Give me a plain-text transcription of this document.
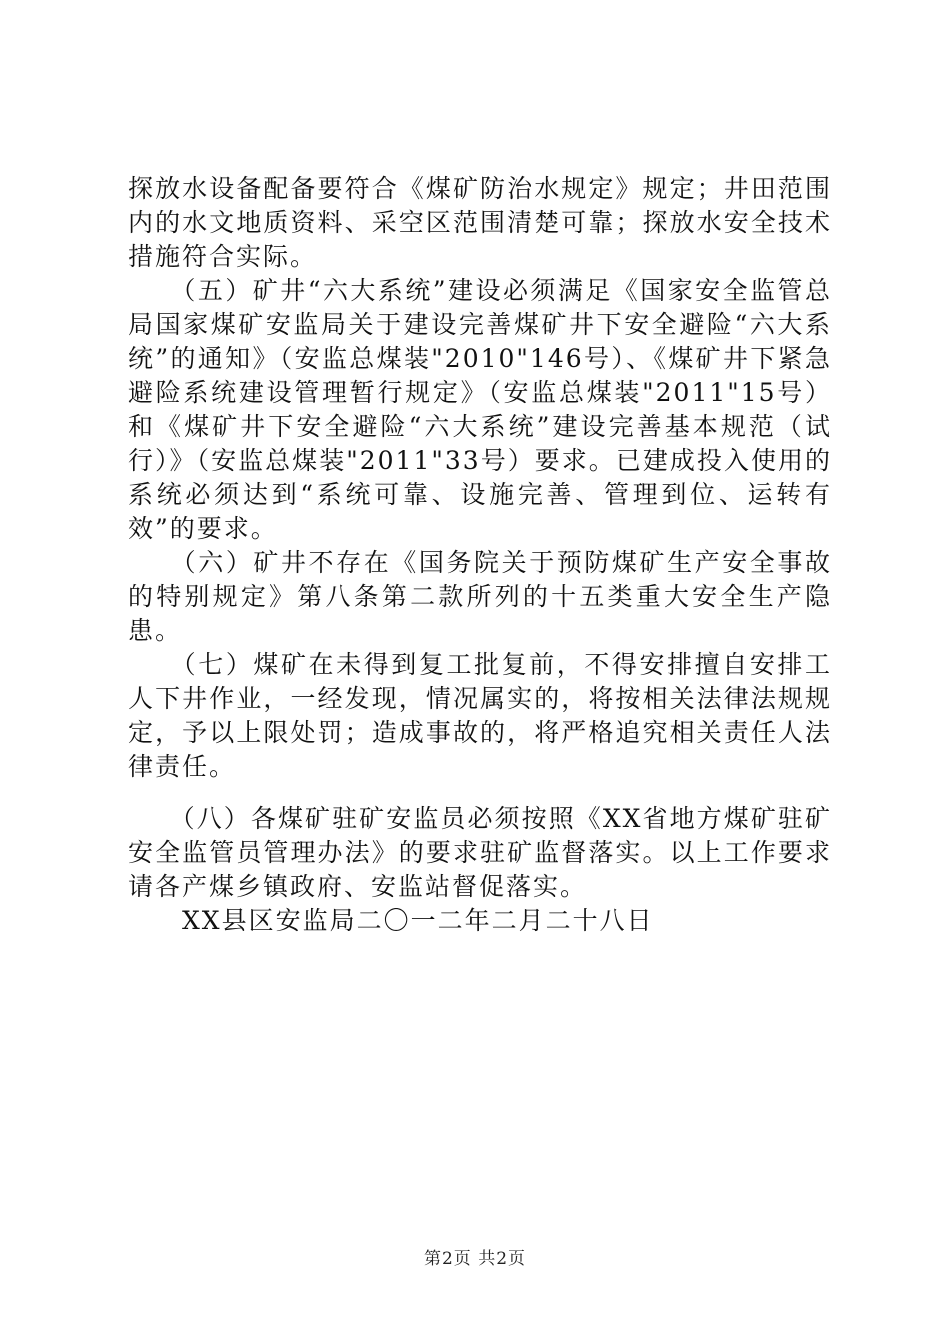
探放水设备配备要符合《煤矿防治水规定》规定；井田范围内的水文地质资料、采空区范围清楚可靠；探放水安全技术措施符合实际。

　　（五）矿井“六大系统”建设必须满足《国家安全监管总局国家煤矿安监局关于建设完善煤矿井下安全避险“六大系统”的通知》（安监总煤装"2010"146号）、《煤矿井下紧急避险系统建设管理暂行规定》（安监总煤装"2011"15号）和《煤矿井下安全避险“六大系统”建设完善基本规范（试行）》（安监总煤装"2011"33号）要求。已建成投入使用的系统必须达到“系统可靠、设施完善、管理到位、运转有效”的要求。

　　（六）矿井不存在《国务院关于预防煤矿生产安全事故的特别规定》第八条第二款所列的十五类重大安全生产隐患。

　　（七）煤矿在未得到复工批复前，不得安排擅自安排工人下井作业，一经发现，情况属实的，将按相关法律法规规定，予以上限处罚；造成事故的，将严格追究相关责任人法律责任。

　　（八）各煤矿驻矿安监员必须按照《XX省地方煤矿驻矿安全监管员管理办法》的要求驻矿监督落实。以上工作要求请各产煤乡镇政府、安监站督促落实。

　　XX县区安监局二〇一二年二月二十八日

第2页 共2页
